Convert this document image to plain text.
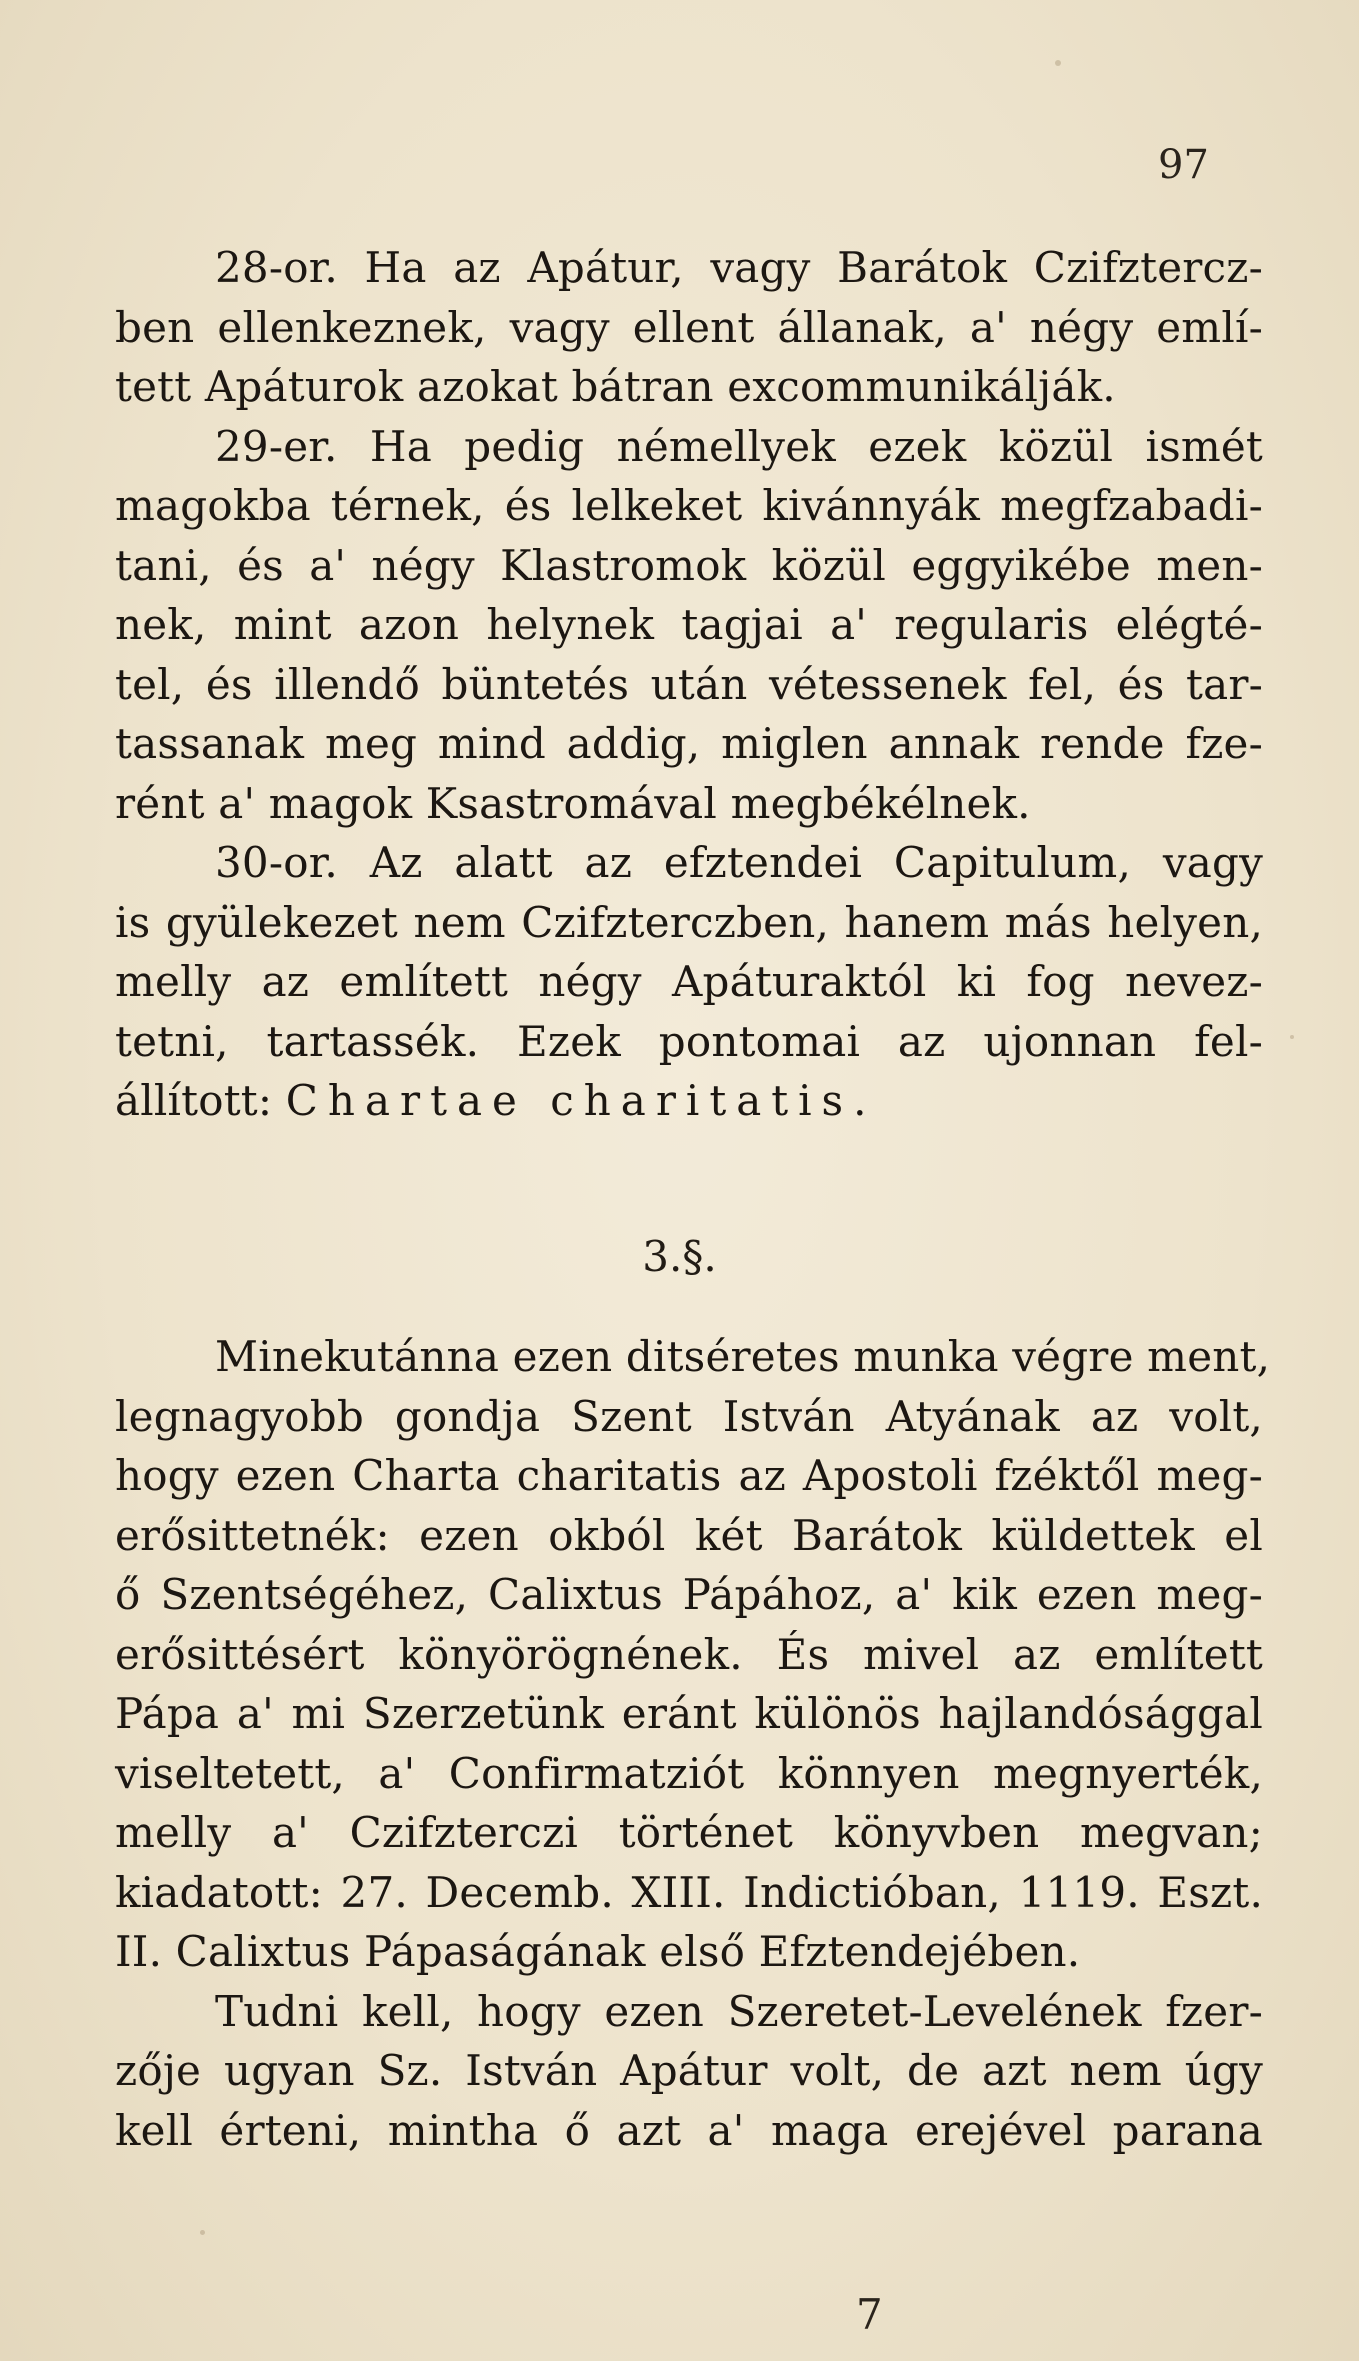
97
28-or. Ha az Apátur, vagy Barátok Czifztercz-
ben ellenkeznek, vagy ellent állanak, a' négy emlí-
tett Apáturok azokat bátran excommunikálják.
29-er. Ha pedig némellyek ezek közül ismét
magokba térnek, és lelkeket kivánnyák megfzabadi-
tani, és a' négy Klastromok közül eggyikébe men-
nek, mint azon helynek tagjai a' regularis elégté-
tel, és illendő büntetés után vétessenek fel, és tar-
tassanak meg mind addig, miglen annak rende fze-
rént a' magok Ksastromával megbékélnek.
30-or. Az alatt az efztendei Capitulum, vagy
is gyülekezet nem Czifzterczben, hanem más helyen,
melly az említett négy Apáturaktól ki fog nevez-
tetni, tartassék. Ezek pontomai az ujonnan fel-
állított: Chartae charitatis.
3.§.
Minekutánna ezen ditséretes munka végre ment,
legnagyobb gondja Szent István Atyának az volt,
hogy ezen Charta charitatis az Apostoli fzéktől meg-
erősittetnék: ezen okból két Barátok küldettek el
ő Szentségéhez, Calixtus Pápához, a' kik ezen meg-
erősittésért könyörögnének. És mivel az említett
Pápa a' mi Szerzetünk eránt különös hajlandósággal
viseltetett, a' Confirmatziót könnyen megnyerték,
melly a' Czifzterczi történet könyvben megvan;
kiadatott: 27. Decemb. XIII. Indictióban, 1119. Eszt.
II. Calixtus Pápaságának első Efztendejében.
Tudni kell, hogy ezen Szeretet-Levelének fzer-
zője ugyan Sz. István Apátur volt, de azt nem úgy
kell érteni, mintha ő azt a' maga erejével parana
7
